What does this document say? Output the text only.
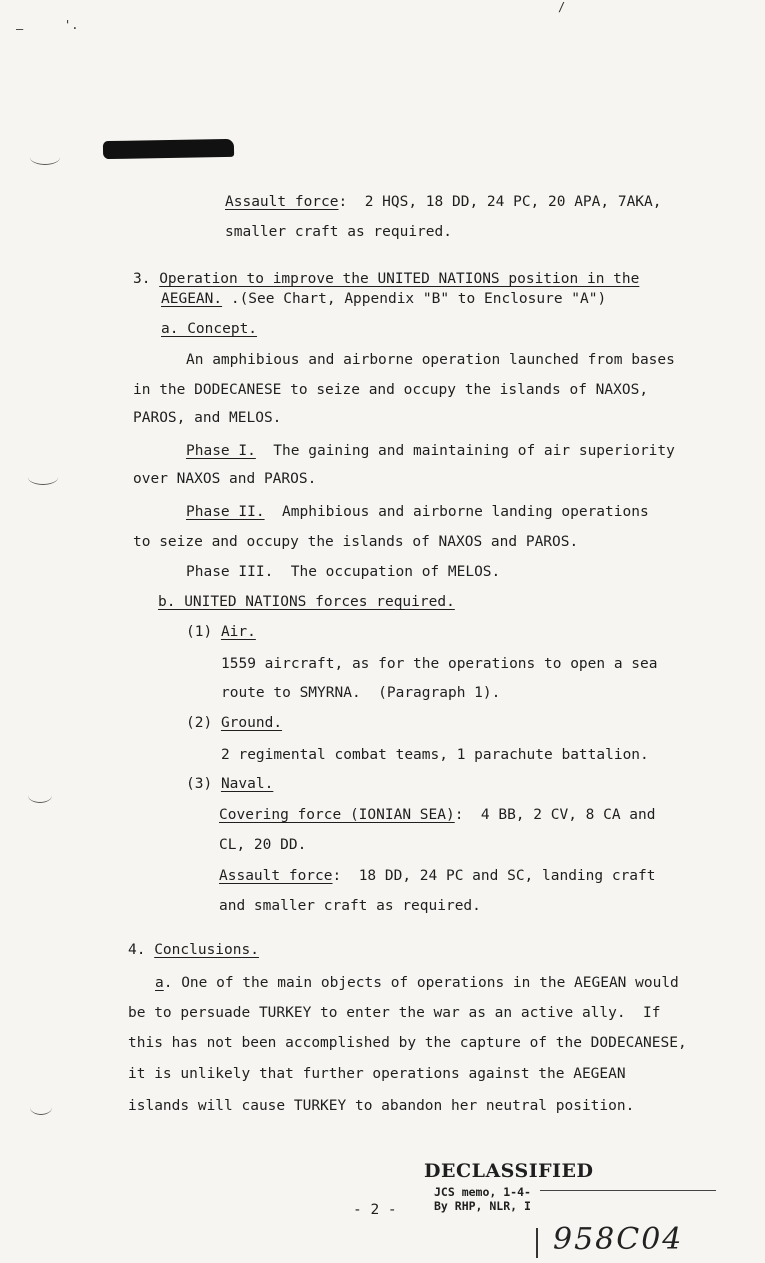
–	'.
/
Assault force:  2 HQS, 18 DD, 24 PC, 20 APA, 7AKA,
smaller craft as required.
3. Operation to improve the UNITED NATIONS position in the
AEGEAN. .(See Chart, Appendix "B" to Enclosure "A")
a. Concept.
An amphibious and airborne operation launched from bases
in the DODECANESE to seize and occupy the islands of NAXOS,
PAROS, and MELOS.
Phase I.  The gaining and maintaining of air superiority
over NAXOS and PAROS.
Phase II.  Amphibious and airborne landing operations
to seize and occupy the islands of NAXOS and PAROS.
Phase III.  The occupation of MELOS.
b. UNITED NATIONS forces required.
(1) Air.
1559 aircraft, as for the operations to open a sea
route to SMYRNA.  (Paragraph 1).
(2) Ground.
2 regimental combat teams, 1 parachute battalion.
(3) Naval.
Covering force (IONIAN SEA):  4 BB, 2 CV, 8 CA and
CL, 20 DD.
Assault force:  18 DD, 24 PC and SC, landing craft
and smaller craft as required.
4. Conclusions.
a. One of the main objects of operations in the AEGEAN would
be to persuade TURKEY to enter the war as an active ally.  If
this has not been accomplished by the capture of the DODECANESE,
it is unlikely that further operations against the AEGEAN
islands will cause TURKEY to abandon her neutral position.
DECLASSIFIED
JCS memo, 1-4-
By RHP, NLR, I
- 2 -
958C04
